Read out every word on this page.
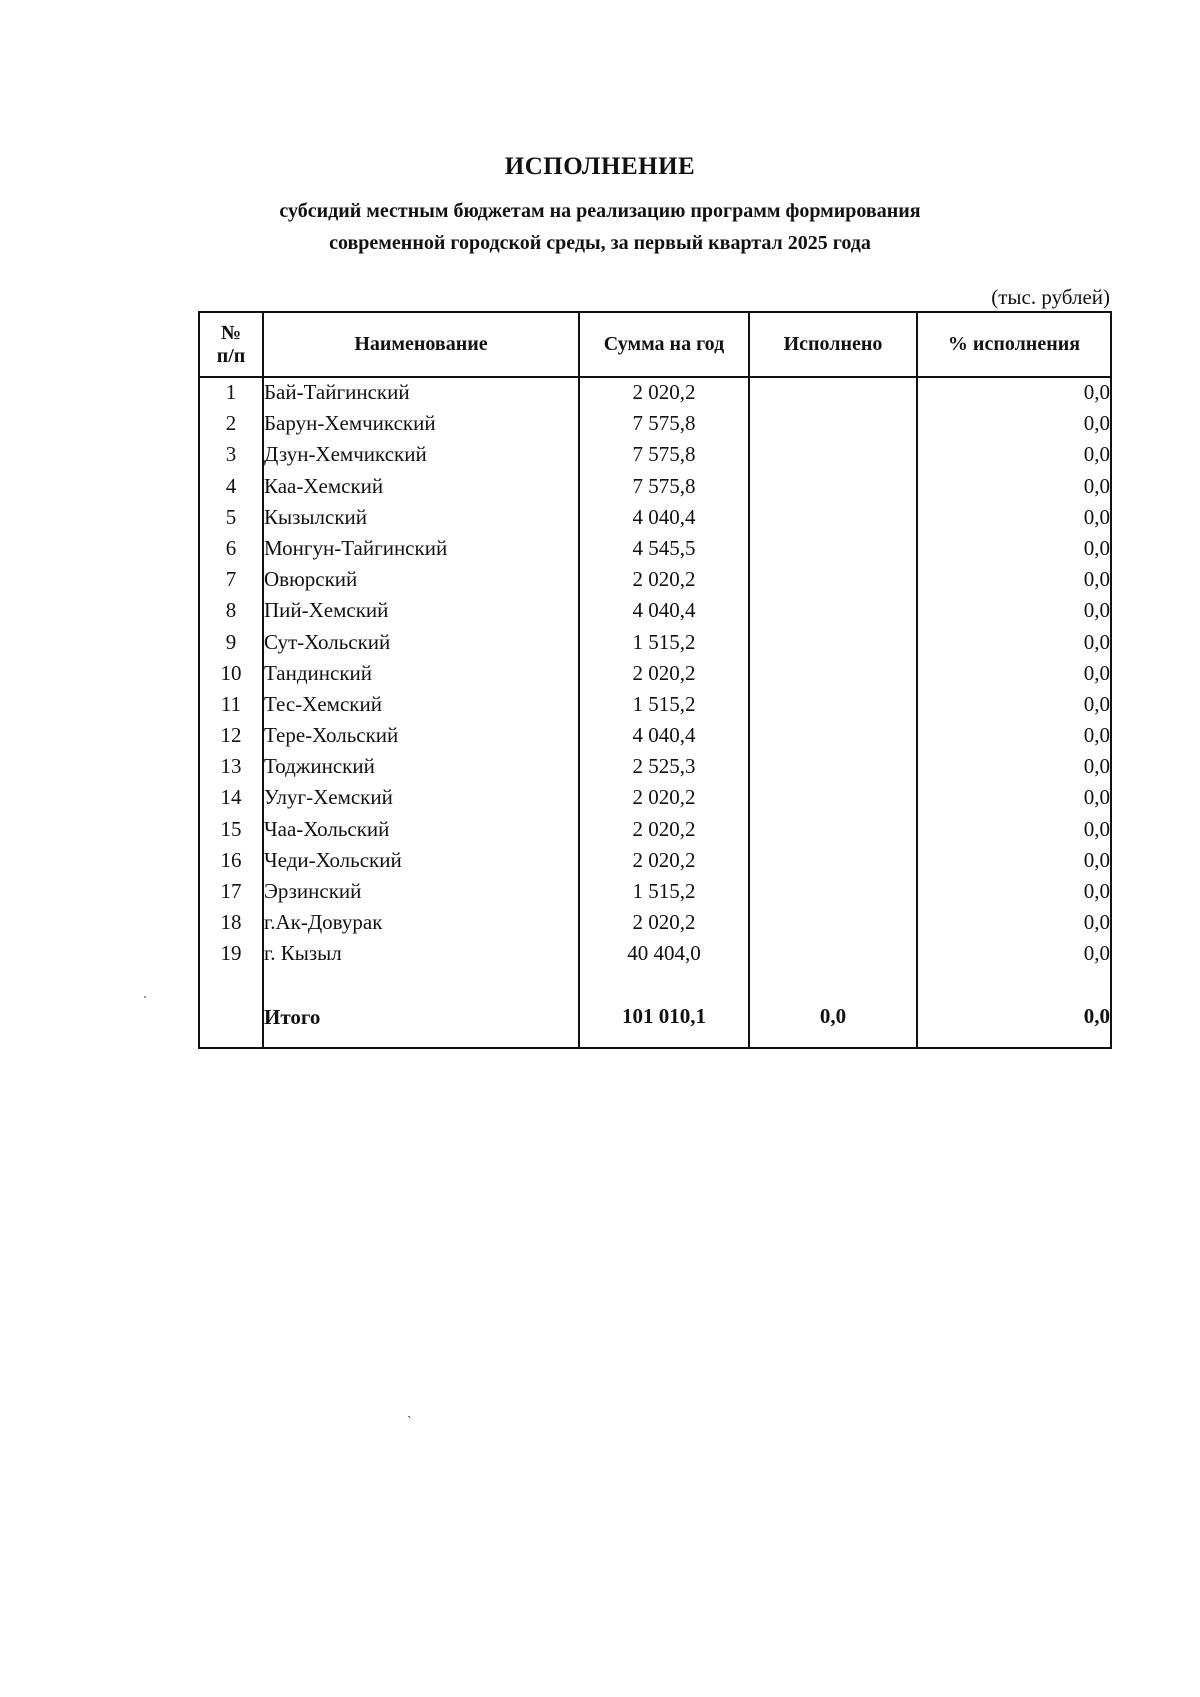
ИСПОЛНЕНИЕ
субсидий местным бюджетам на реализацию программ формирования
современной городской среды, за первый квартал 2025 года
(тыс. рублей)
№
п/п	Наименование	Сумма на год	Исполнено	% исполнения
1	Бай-Тайгинский	2 020,2		0,0
2	Барун-Хемчикский	7 575,8		0,0
3	Дзун-Хемчикский	7 575,8		0,0
4	Каа-Хемский	7 575,8		0,0
5	Кызылский	4 040,4		0,0
6	Монгун-Тайгинский	4 545,5		0,0
7	Овюрский	2 020,2		0,0
8	Пий-Хемский	4 040,4		0,0
9	Сут-Хольский	1 515,2		0,0
10	Тандинский	2 020,2		0,0
11	Тес-Хемский	1 515,2		0,0
12	Тере-Хольский	4 040,4		0,0
13	Тоджинский	2 525,3		0,0
14	Улуг-Хемский	2 020,2		0,0
15	Чаа-Хольский	2 020,2		0,0
16	Чеди-Хольский	2 020,2		0,0
17	Эрзинский	1 515,2		0,0
18	г.Ак-Довурак	2 020,2		0,0
19	г. Кызыл	40 404,0		0,0

	Итого	101 010,1	0,0	0,0
ˏ
